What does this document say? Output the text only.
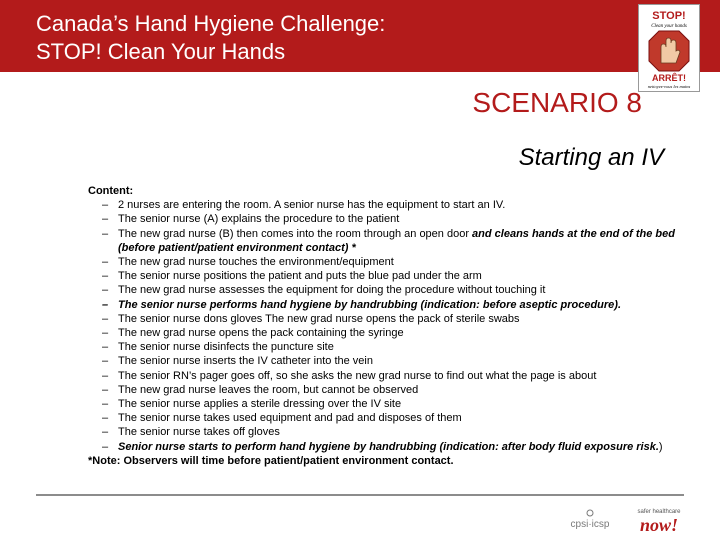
Canada’s Hand Hygiene Challenge:
STOP! Clean Your Hands
STOP!
Clean your hands
ARRÊT!
nettoyez-vous les mains
SCENARIO 8
Starting an IV
Content:
– 2 nurses are entering the room. A senior nurse has the equipment to start an IV.
– The senior nurse (A) explains the procedure to the patient
– The new grad nurse (B) then comes into the room through an open door and cleans hands at the end of the bed (before patient/patient environment contact) *
– The new grad nurse touches the environment/equipment
– The senior nurse positions the patient and puts the blue pad under the arm
– The new grad nurse assesses the equipment for doing the procedure without touching it
– The senior nurse performs hand hygiene by handrubbing (indication: before aseptic procedure).
– The senior nurse dons gloves The new grad nurse opens the pack of sterile swabs
– The new grad nurse opens the pack containing the syringe
– The senior nurse disinfects the puncture site
– The senior nurse inserts the IV catheter into the vein
– The senior RN’s pager goes off, so she asks the new grad nurse to find out what the page is about
– The new grad nurse leaves the room, but cannot be observed
– The senior nurse applies a sterile dressing over the IV site
– The senior nurse takes used equipment and pad and disposes of them
– The senior nurse takes off gloves
– Senior nurse starts to perform hand hygiene by handrubbing (indication: after body fluid exposure risk.)
*Note: Observers will time before patient/patient environment contact.
cpsi·icsp
safer healthcare
now!
